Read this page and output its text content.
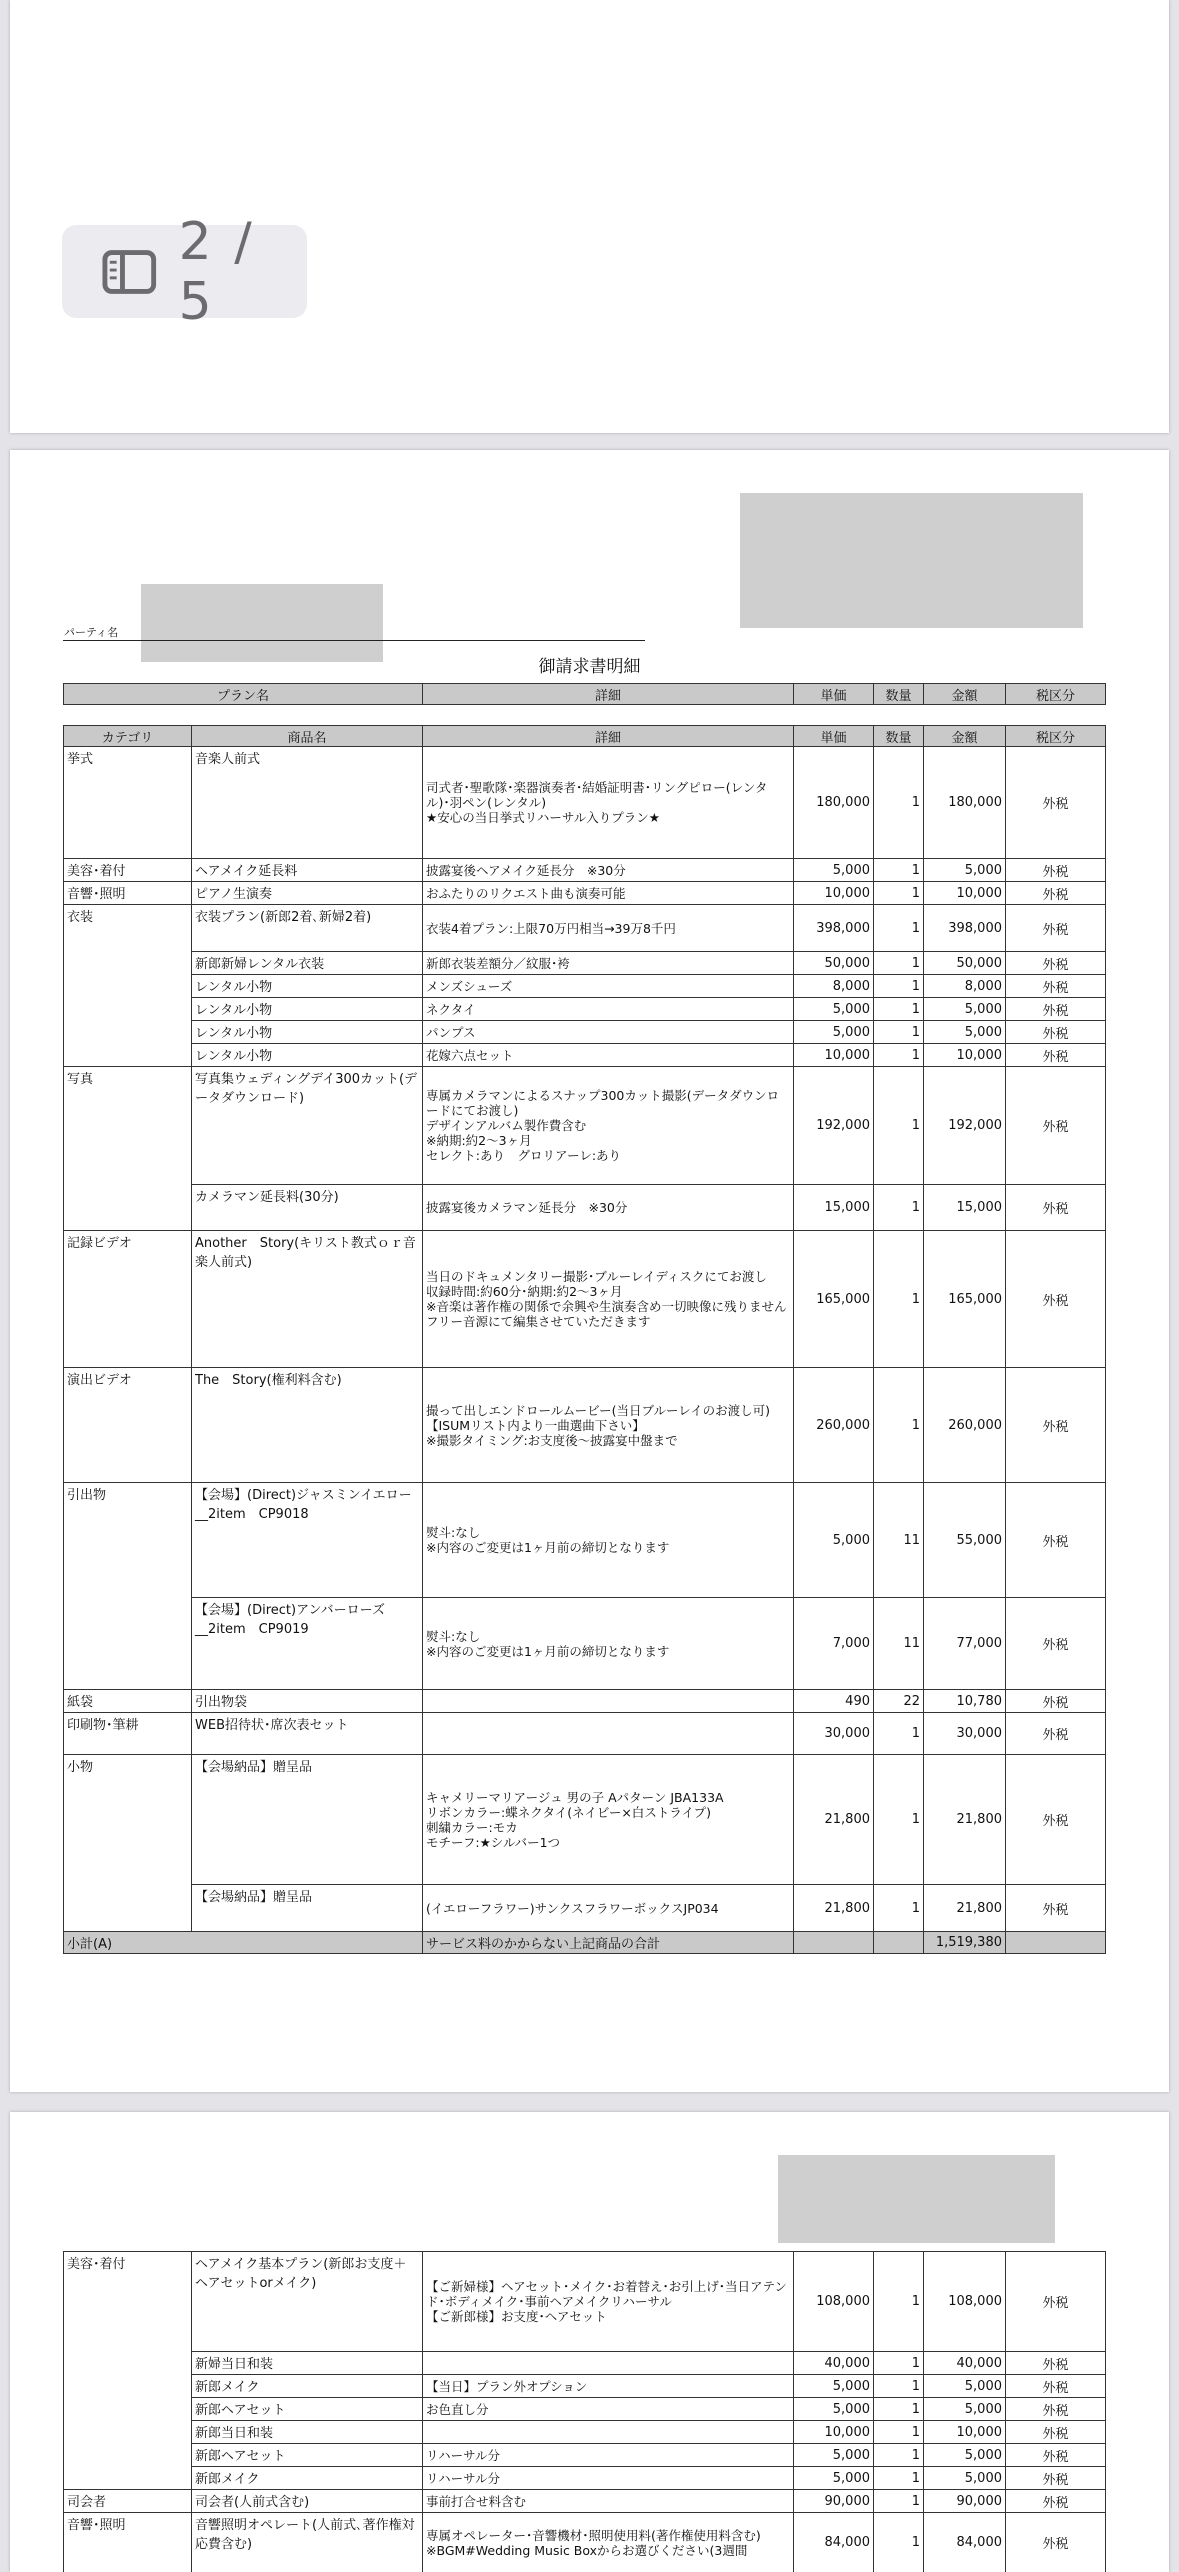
2 / 5
パーティ名
御請求書明細
プラン名	詳細	単価	数量	金額	税区分
カテゴリ	商品名	詳細	単価	数量	金額	税区分
挙式	音楽人前式	司式者･聖歌隊･楽器演奏者･結婚証明書･リングピロー(レンタル)･羽ペン(レンタル)
★安心の当日挙式リハーサル入りプラン★	180,000	1	180,000	外税
美容･着付	ヘアメイク延長料	披露宴後ヘアメイク延長分　※30分	5,000	1	5,000	外税
音響･照明	ピアノ生演奏	おふたりのリクエスト曲も演奏可能	10,000	1	10,000	外税
衣装	衣装プラン(新郎2着､新婦2着)	衣装4着プラン:上限70万円相当→39万8千円	398,000	1	398,000	外税
	新郎新婦レンタル衣装	新郎衣装差額分／紋服･袴	50,000	1	50,000	外税
	レンタル小物	メンズシューズ	8,000	1	8,000	外税
	レンタル小物	ネクタイ	5,000	1	5,000	外税
	レンタル小物	パンプス	5,000	1	5,000	外税
	レンタル小物	花嫁六点セット	10,000	1	10,000	外税
写真	写真集ウェディングデイ300カット(データダウンロード)	専属カメラマンによるスナップ300カット撮影(データダウンロードにてお渡し)
デザインアルバム製作費含む
※納期:約2～3ヶ月
セレクト:あり　グロリアーレ:あり	192,000	1	192,000	外税
	カメラマン延長料(30分)	披露宴後カメラマン延長分　※30分	15,000	1	15,000	外税
記録ビデオ	Another　Story(キリスト教式ｏｒ音楽人前式)	当日のドキュメンタリー撮影･ブルーレイディスクにてお渡し
収録時間:約60分･納期:約2～3ヶ月
※音楽は著作権の関係で余興や生演奏含め一切映像に残りません
フリー音源にて編集させていただきます	165,000	1	165,000	外税
演出ビデオ	The　Story(権利料含む)	撮って出しエンドロールムービー(当日ブルーレイのお渡し可)
【ISUMリスト内より一曲選曲下さい】
※撮影タイミング:お支度後～披露宴中盤まで	260,000	1	260,000	外税
引出物	【会場】(Direct)ジャスミンイエロー__2item　CP9018	熨斗:なし
※内容のご変更は1ヶ月前の締切となります	5,000	11	55,000	外税
	【会場】(Direct)アンバーローズ__2item　CP9019	熨斗:なし
※内容のご変更は1ヶ月前の締切となります	7,000	11	77,000	外税
紙袋	引出物袋		490	22	10,780	外税
印刷物･筆耕	WEB招待状･席次表セット		30,000	1	30,000	外税
小物	【会場納品】贈呈品	キャメリーマリアージュ 男の子 Aパターン JBA133A
リボンカラー:蝶ネクタイ(ネイビー×白ストライプ)
刺繍カラー:モカ
モチーフ:★シルバー1つ	21,800	1	21,800	外税
	【会場納品】贈呈品	(イエローフラワー)サンクスフラワーボックスJP034	21,800	1	21,800	外税
小計(A)		サービス料のかからない上記商品の合計			1,519,380	
美容･着付	ヘアメイク基本プラン(新郎お支度＋ヘアセットorメイク)	【ご新婦様】ヘアセット･メイク･お着替え･お引上げ･当日アテンド･ボディメイク･事前ヘアメイクリハーサル
【ご新郎様】お支度･ヘアセット	108,000	1	108,000	外税
	新婦当日和装		40,000	1	40,000	外税
	新郎メイク	【当日】プラン外オプション	5,000	1	5,000	外税
	新郎ヘアセット	お色直し分	5,000	1	5,000	外税
	新郎当日和装		10,000	1	10,000	外税
	新郎ヘアセット	リハーサル分	5,000	1	5,000	外税
	新郎メイク	リハーサル分	5,000	1	5,000	外税
司会者	司会者(人前式含む)	事前打合せ料含む	90,000	1	90,000	外税
音響･照明	音響照明オペレート(人前式､著作権対応費含む)	専属オペレーター･音響機材･照明使用料(著作権使用料含む)
※BGM#Wedding Music Boxからお選びください(3週間	84,000	1	84,000	外税
